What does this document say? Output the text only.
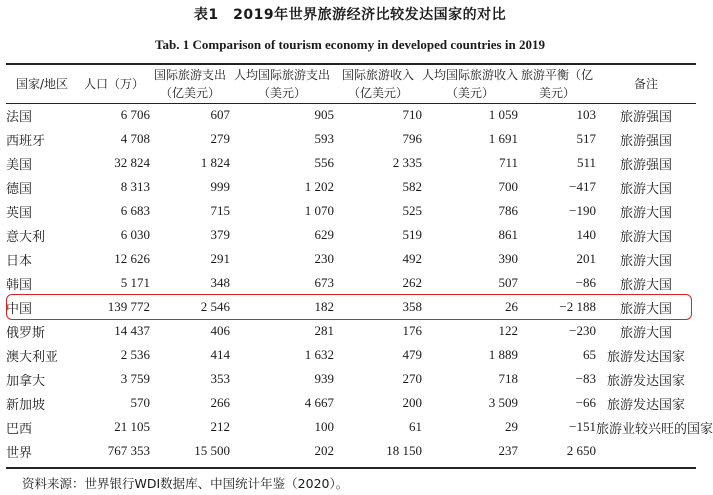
表1　2019年世界旅游经济比较发达国家的对比
Tab. 1 Comparison of tourism economy in developed countries in 2019
国家/地区	人口（万）	国际旅游支出（亿美元）	人均国际旅游支出（美元）	国际旅游收入（亿美元）	人均国际旅游收入（美元）	旅游平衡（亿美元）	备注
法国	6 706	607	905	710	1 059	103	旅游强国
西班牙	4 708	279	593	796	1 691	517	旅游强国
美国	32 824	1 824	556	2 335	711	511	旅游强国
德国	8 313	999	1 202	582	700	−417	旅游大国
英国	6 683	715	1 070	525	786	−190	旅游大国
意大利	6 030	379	629	519	861	140	旅游大国
日本	12 626	291	230	492	390	201	旅游大国
韩国	5 171	348	673	262	507	−86	旅游大国
中国	139 772	2 546	182	358	26	−2 188	旅游大国
俄罗斯	14 437	406	281	176	122	−230	旅游大国
澳大利亚	2 536	414	1 632	479	1 889	65	旅游发达国家
加拿大	3 759	353	939	270	718	−83	旅游发达国家
新加坡	570	266	4 667	200	3 509	−66	旅游发达国家
巴西	21 105	212	100	61	29	−151	旅游业较兴旺的国家
世界	767 353	15 500	202	18 150	237	2 650	
资料来源：世界银行WDI数据库、中国统计年鉴（2020）。
